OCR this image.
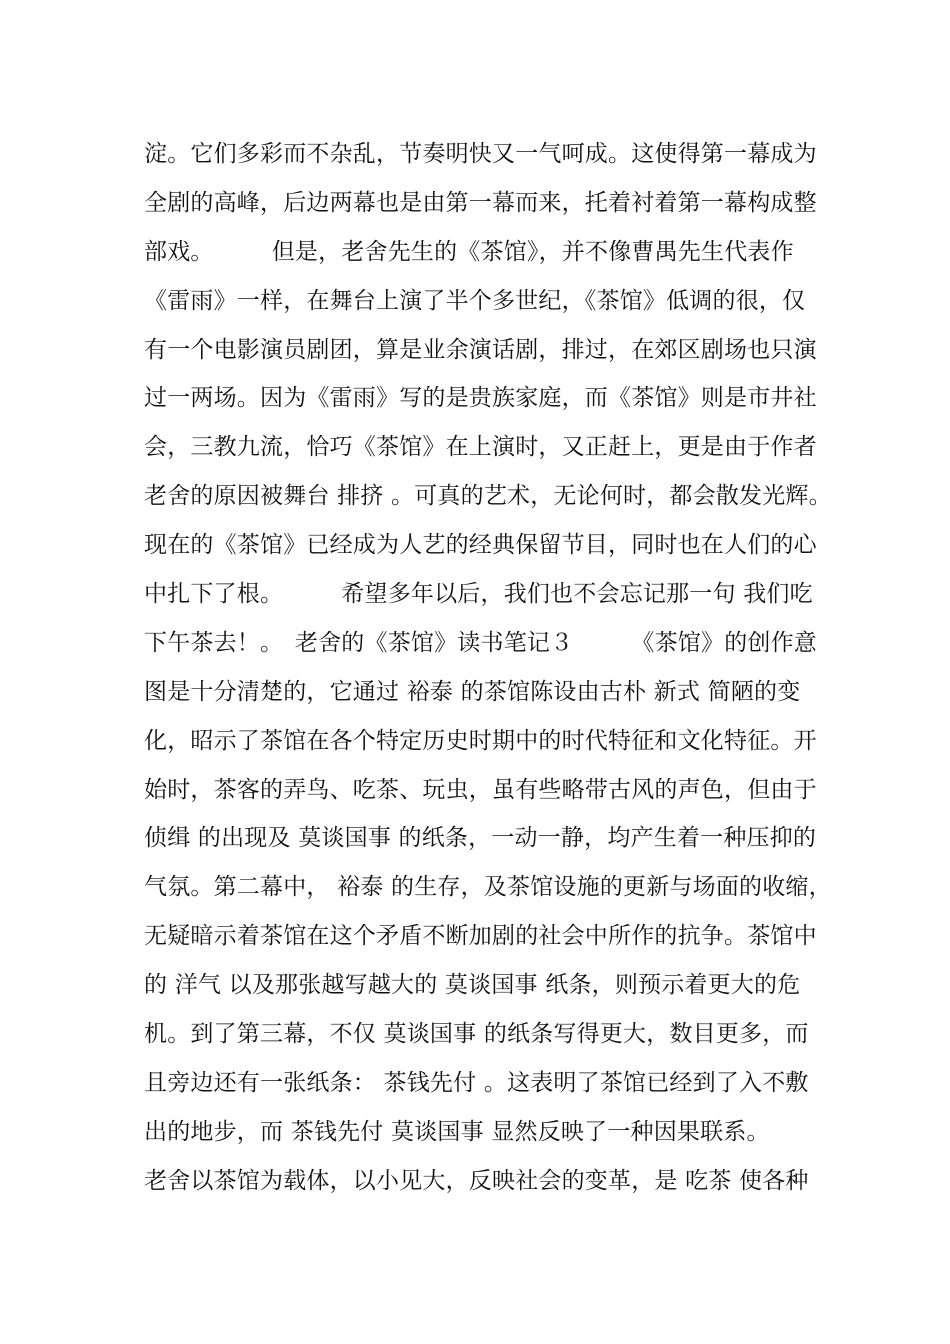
淀。它们多彩而不杂乱，节奏明快又一气呵成。这使得第一幕成为
全剧的高峰，后边两幕也是由第一幕而来，托着衬着第一幕构成整
部戏。　　　但是，老舍先生的《茶馆》，并不像曹禺先生代表作
《雷雨》一样，在舞台上演了半个多世纪，《茶馆》低调的很，仅
有一个电影演员剧团，算是业余演话剧，排过，在郊区剧场也只演
过一两场。因为《雷雨》写的是贵族家庭，而《茶馆》则是市井社
会，三教九流，恰巧《茶馆》在上演时，又正赶上，更是由于作者
老舍的原因被舞台 排挤 。可真的艺术，无论何时，都会散发光辉。
现在的《茶馆》已经成为人艺的经典保留节目，同时也在人们的心
中扎下了根。　　　希望多年以后，我们也不会忘记那一句 我们吃
下午茶去！。　老舍的《茶馆》读书笔记３　　　《茶馆》的创作意
图是十分清楚的，它通过 裕泰 的茶馆陈设由古朴 新式 简陋的变
化，昭示了茶馆在各个特定历史时期中的时代特征和文化特征。开
始时，茶客的弄鸟、吃茶、玩虫，虽有些略带古风的声色，但由于
侦缉 的出现及 莫谈国事 的纸条，一动一静，均产生着一种压抑的
气氛。第二幕中， 裕泰 的生存，及茶馆设施的更新与场面的收缩，
无疑暗示着茶馆在这个矛盾不断加剧的社会中所作的抗争。茶馆中
的 洋气 以及那张越写越大的 莫谈国事 纸条，则预示着更大的危
机。到了第三幕，不仅 莫谈国事 的纸条写得更大，数目更多，而
且旁边还有一张纸条： 茶钱先付 。这表明了茶馆已经到了入不敷
出的地步，而 茶钱先付 莫谈国事 显然反映了一种因果联系。
老舍以茶馆为载体，以小见大，反映社会的变革，是 吃茶 使各种
